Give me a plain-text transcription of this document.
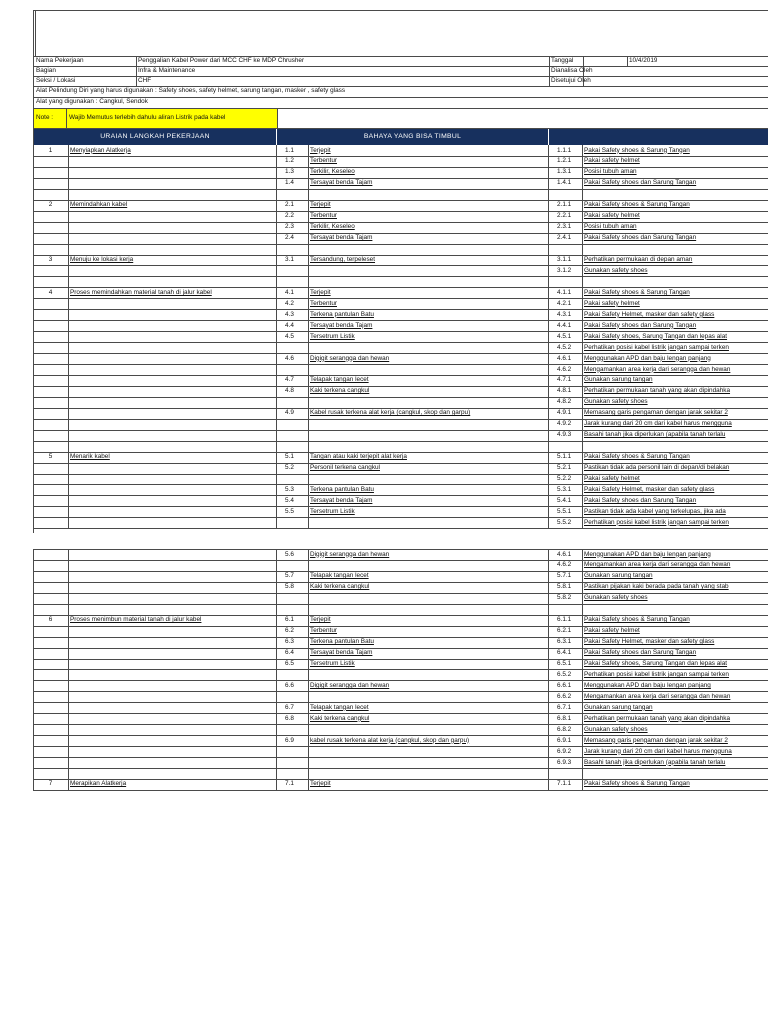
Nama Pekerjaan	Penggalian Kabel Power dari MCC CHF ke MDP Chrusher
Bagian	Infra & Maintenance
Seksi / Lokasi	CHF
Tanggal	10/4/2019
Dianalisa Oleh
Disetujui Oleh
Alat Pelindung Diri yang harus digunakan : Safety shoes, safety helmet, sarung tangan, masker , safety glass
Alat yang digunakan : Cangkul, Sendok
Note : Wajib Memutus terlebih dahulu aliran Listrik pada kabel
URAIAN LANGKAH PEKERJAAN	BAHAYA YANG BISA TIMBUL
1	Menyiapkan Alatkerja	1.1	Terjepit	1.1.1	Pakai Safety shoes & Sarung Tangan
1.2	Terbentur	1.2.1	Pakai safety helmet
1.3	Terkilir, Keseleo	1.3.1	Posisi tubuh aman
1.4	Tersayat benda Tajam	1.4.1	Pakai Safety shoes dan Sarung Tangan
2	Memindahkan kabel	2.1	Terjepit	2.1.1	Pakai Safety shoes & Sarung Tangan
2.2	Terbentur	2.2.1	Pakai safety helmet
2.3	Terkilir, Keseleo	2.3.1	Posisi tubuh aman
2.4	Tersayat benda Tajam	2.4.1	Pakai Safety shoes dan Sarung Tangan
3	Menuju ke lokasi kerja	3.1	Tersandung, terpeleset	3.1.1	Perhatikan permukaan di depan aman
3.1.2	Gunakan safety shoes
4	Proses memindahkan material tanah di jalur kabel	4.1	Terjepit	4.1.1	Pakai Safety shoes & Sarung Tangan
4.2	Terbentur	4.2.1	Pakai safety helmet
4.3	Terkena pantulan Batu	4.3.1	Pakai Safety Helmet, masker dan safety glass
4.4	Tersayat benda Tajam	4.4.1	Pakai Safety shoes dan Sarung Tangan
4.5	Tersetrum Listik	4.5.1	Pakai Safety shoes, Sarung Tangan dan lepas alat
4.5.2	Perhatikan posisi kabel listrik jangan sampai terken
4.6	Digigit serangga dan hewan	4.6.1	Menggunakan APD dan baju lengan panjang
4.6.2	Mengamankan area kerja dari serangga dan hewan
4.7	Telapak tangan lecet	4.7.1	Gunakan sarung tangan
4.8	Kaki terkena cangkul	4.8.1	Perhatikan permukaan tanah yang akan dipindahka
4.8.2	Gunakan safety shoes
4.9	Kabel rusak terkena alat kerja (cangkul, skop dan garpu)	4.9.1	Memasang garis pengaman dengan jarak sekitar 2
4.9.2	Jarak kurang dari 20 cm dari kabel harus mengguna
4.9.3	Basahi tanah jika diperlukan (apabila tanah terlalu
5	Menarik kabel	5.1	Tangan atau kaki terjepit alat kerja	5.1.1	Pakai Safety shoes & Sarung Tangan
5.2	Personil terkena cangkul	5.2.1	Pastikan tidak ada personil lain di depan/di belakan
5.2.2	Pakai safety helmet
5.3	Terkena pantulan Batu	5.3.1	Pakai Safety Helmet, masker dan safety glass
5.4	Tersayat benda Tajam	5.4.1	Pakai Safety shoes dan Sarung Tangan
5.5	Tersetrum Listik	5.5.1	Pastikan tidak ada kabel yang terkelupas, jika ada
5.5.2	Perhatikan posisi kabel listrik jangan sampai terken
5.6	Digigit serangga dan hewan	4.6.1	Menggunakan APD dan baju lengan panjang
4.6.2	Mengamankan area kerja dari serangga dan hewan
5.7	Telapak tangan lecet	5.7.1	Gunakan sarung tangan
5.8	Kaki terkena cangkul	5.8.1	Pastikan pijakan kaki berada pada tanah yang stab
5.8.2	Gunakan safety shoes
6	Proses menimbun material tanah di jalur kabel	6.1	Terjepit	6.1.1	Pakai Safety shoes & Sarung Tangan
6.2	Terbentur	6.2.1	Pakai safety helmet
6.3	Terkena pantulan Batu	6.3.1	Pakai Safety Helmet, masker dan safety glass
6.4	Tersayat benda Tajam	6.4.1	Pakai Safety shoes dan Sarung Tangan
6.5	Tersetrum Listik	6.5.1	Pakai Safety shoes, Sarung Tangan dan lepas alat
6.5.2	Perhatikan posisi kabel listrik jangan sampai terken
6.6	Digigit serangga dan hewan	6.6.1	Menggunakan APD dan baju lengan panjang
6.6.2	Mengamankan area kerja dari serangga dan hewan
6.7	Telapak tangan lecet	6.7.1	Gunakan sarung tangan
6.8	Kaki terkena cangkul	6.8.1	Perhatikan permukaan tanah yang akan dipindahka
6.8.2	Gunakan safety shoes
6.9	kabel rusak terkena alat kerja (cangkul, skop dan garpu)	6.9.1	Memasang garis pengaman dengan jarak sekitar 2
6.9.2	Jarak kurang dari 20 cm dari kabel harus mengguna
6.9.3	Basahi tanah jika diperlukan (apabila tanah terlalu
7	Merapikan Alatkerja	7.1	Terjepit	7.1.1	Pakai Safety shoes & Sarung Tangan
